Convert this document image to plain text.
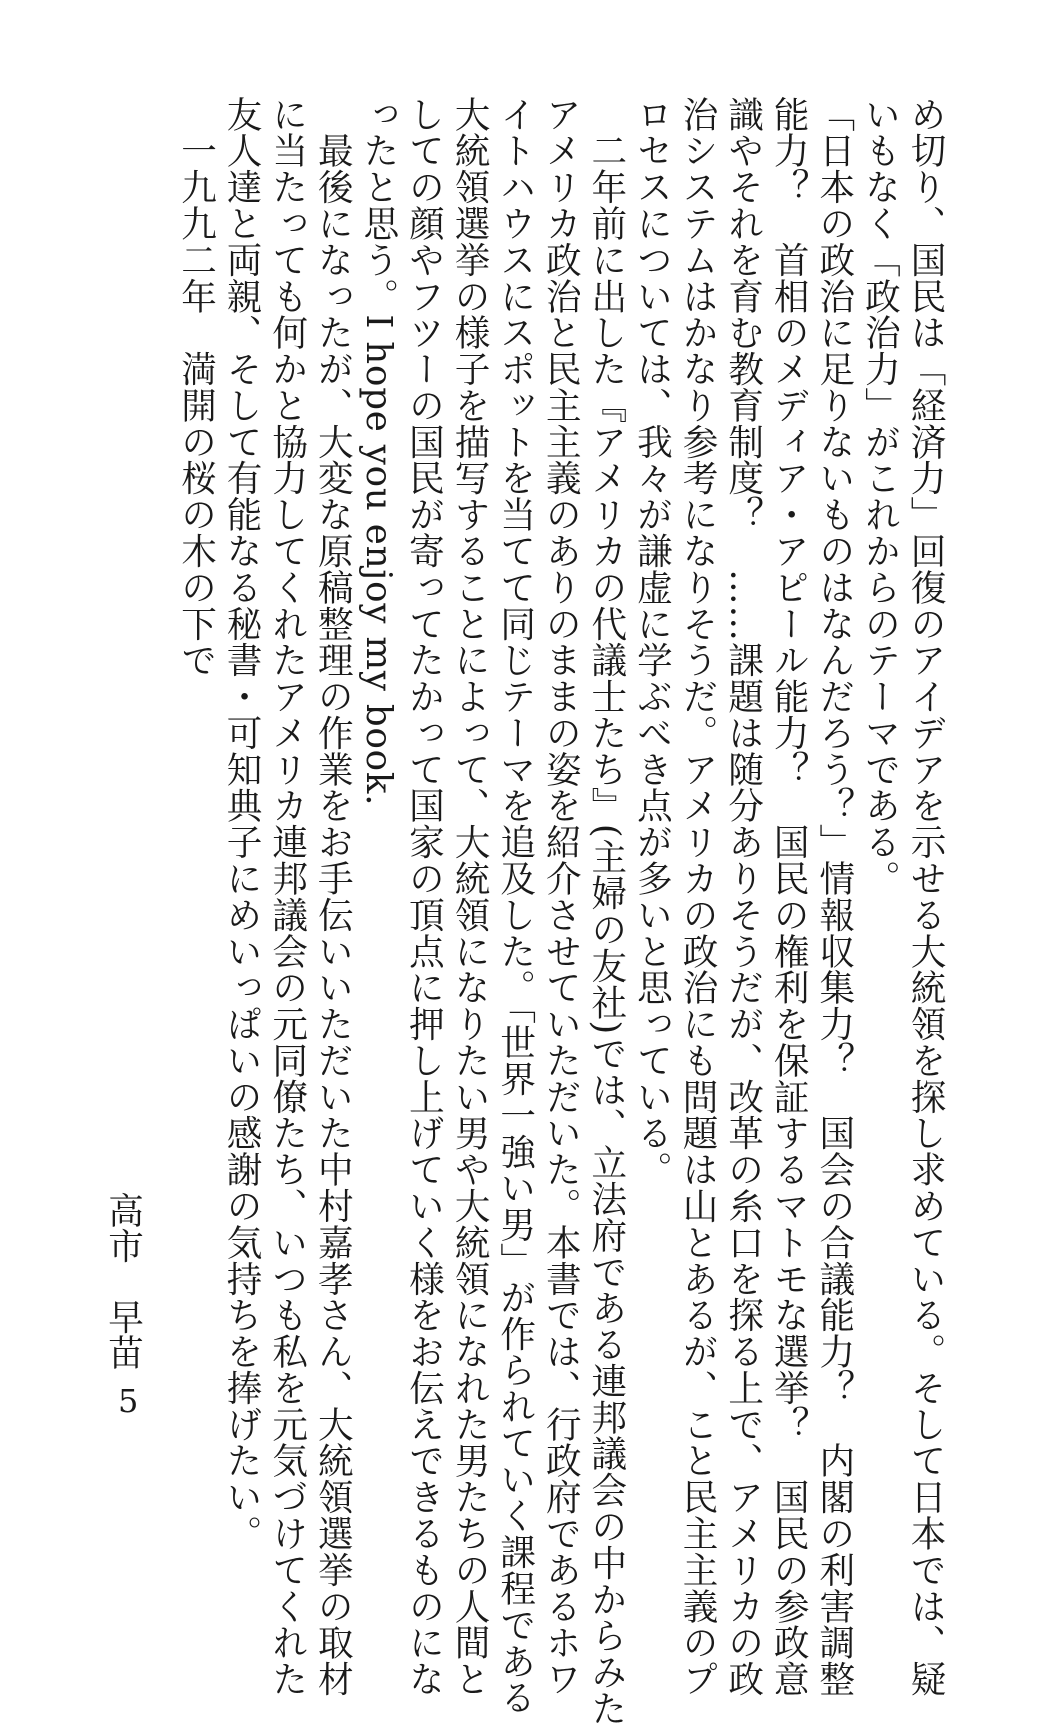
め切り、国民は「経済力」回復のアイデアを示せる大統領を探し求めている。そして日本では、疑
いもなく「政治力」がこれからのテーマである。
「日本の政治に足りないものはなんだろう？」情報収集力？　国会の合議能力？　内閣の利害調整
能力？　首相のメディア・アピール能力？　国民の権利を保証するマトモな選挙？　国民の参政意
識やそれを育む教育制度？　……課題は随分ありそうだが、改革の糸口を探る上で、アメリカの政
治システムはかなり参考になりそうだ。アメリカの政治にも問題は山とあるが、こと民主主義のプ
ロセスについては、我々が謙虚に学ぶべき点が多いと思っている。
　二年前に出した『アメリカの代議士たち』(主婦の友社)では、立法府である連邦議会の中からみた
アメリカ政治と民主主義のありのままの姿を紹介させていただいた。本書では、行政府であるホワ
イトハウスにスポットを当てて同じテーマを追及した。「世界一強い男」が作られていく課程である
大統領選挙の様子を描写することによって、大統領になりたい男や大統領になれた男たちの人間と
しての顔やフツーの国民が寄ってたかって国家の頂点に押し上げていく様をお伝えできるものにな
ったと思う。I hope you enjoy my book.
　最後になったが、大変な原稿整理の作業をお手伝いいただいた中村嘉孝さん、大統領選挙の取材
に当たっても何かと協力してくれたアメリカ連邦議会の元同僚たち、いつも私を元気づけてくれた
友人達と両親、そして有能なる秘書・可知典子にめいっぱいの感謝の気持ちを捧げたい。
　一九九二年　満開の桜の木の下で
高市　早苗
5
